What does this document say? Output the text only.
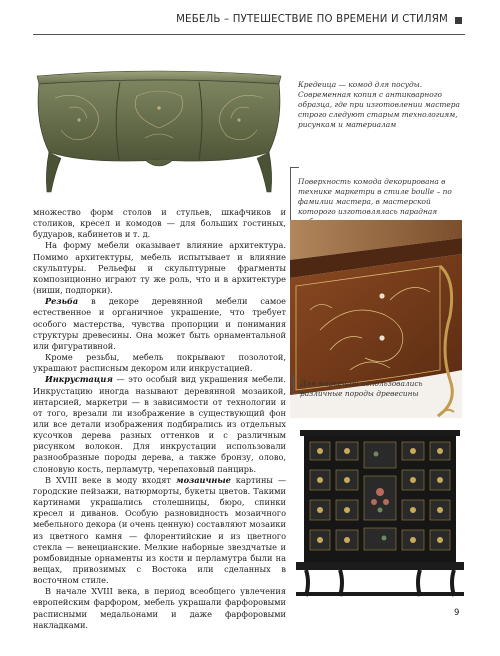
МЕБЕЛЬ – ПУТЕШЕСТВИЕ ПО ВРЕМЕНИ И СТИЛЯМ

Кредеица — комод для посуды. Современная копия с антикварного образца, где при изготовлении мастера строго следуют старым технологиям, рисункам и материалам

Поверхность комода декорирована в технике маркетри в стиле boulle – по фамилии мастера, в мастерской которого изготовлялась парадная

Для маркетри использовались различные породы древесины

множество форм столов и стульев, шкафчиков и столиков, кресел и комодов — для больших гостиных, будуаров, кабинетов и т. д.

На форму мебели оказывает влияние архитектура. Помимо архитектуры, мебель испытывает и влияние скульптуры. Рельефы и скульптурные фрагменты композиционно играют ту же роль, что и в архитектуре (ниши, подпорки).

Резьба в декоре деревянной мебели самое естественное и органичное украшение, что требует особого мастерства, чувства пропорции и понимания структуры древесины. Она может быть орнаментальной или фигуративной.

Кроме резьбы, мебель покрывают позолотой, украшают расписным декором или инкрустацией.

Инкрустация — это особый вид украшения мебели. Инкрустацию иногда называют деревянной мозаикой, интарсией, маркетри — в зависимости от технологии и от того, врезали ли изображение в существующий фон или все детали изображения подбирались из отдельных кусочков дерева разных оттенков и с различным рисунком волокон. Для инкрустации использовали разнообразные породы дерева, а также бронзу, олово, слоновую кость, перламутр, черепаховый панцирь.

В XVIII веке в моду входят мозаичные картины — городские пейзажи, натюрморты, букеты цветов. Такими картинами украшались столешницы, бюро, спинки кресел и диванов. Особую разновидность мозаичного мебельного декора (и очень ценную) составляют мозаики из цветного камня — флорентийские и из цветного стекла — венецианские. Мелкие наборные звездчатые и ромбовидные орнаменты из кости и перламутра были на вещах, привозимых с Востока или сделанных в восточном стиле.

В начале XVIII века, в период всеобщего увлечения европейским фарфором, мебель украшали фарфоровыми расписными медальонами и даже фарфоровыми накладками.

9
